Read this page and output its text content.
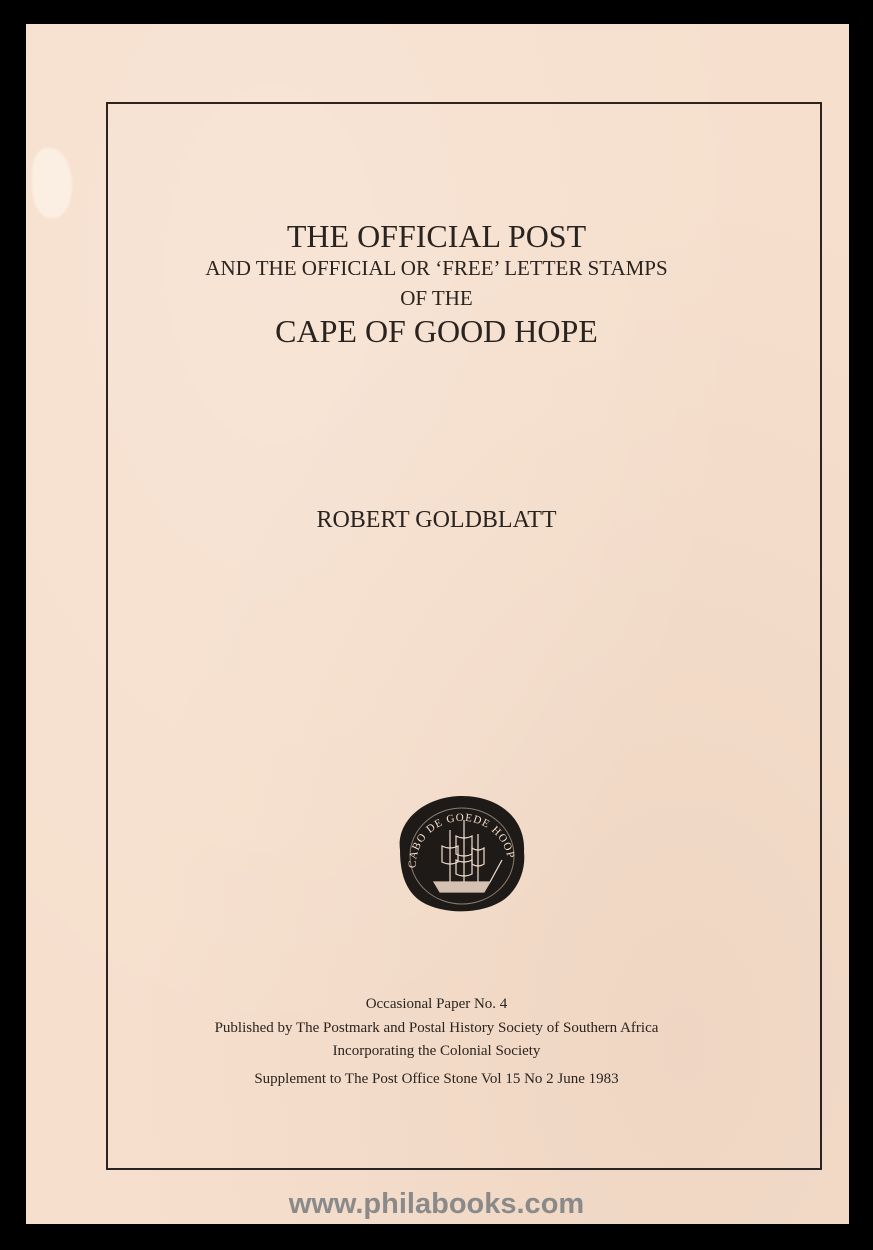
THE OFFICIAL POST

AND THE OFFICIAL OR ‘FREE’ LETTER STAMPS

OF THE

CAPE OF GOOD HOPE

ROBERT GOLDBLATT

CABO DE GOEDE HOOP

Occasional Paper No. 4

Published by The Postmark and Postal History Society of Southern Africa

Incorporating the Colonial Society

Supplement to The Post Office Stone Vol 15 No 2 June 1983

www.philabooks.com
